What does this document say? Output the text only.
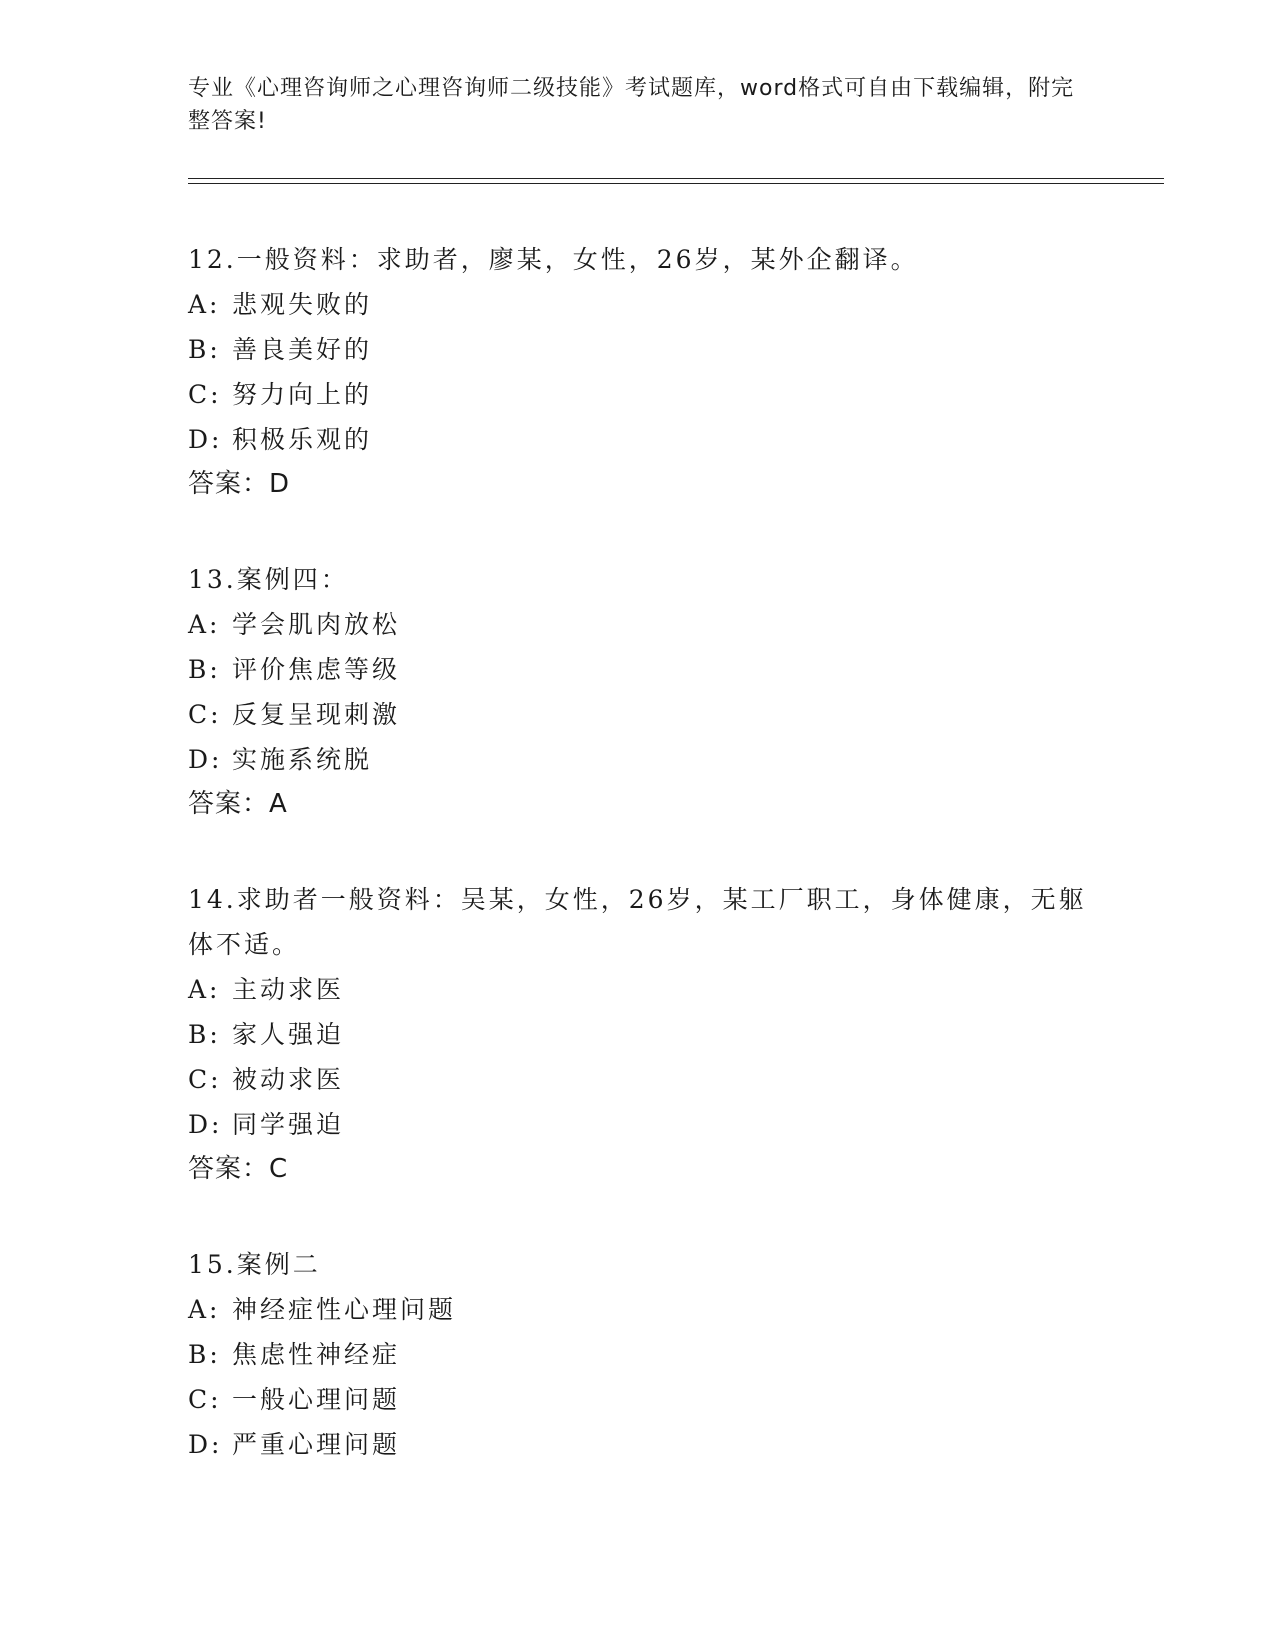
专业《心理咨询师之心理咨询师二级技能》考试题库，word格式可自由下载编辑，附完整答案!
12.一般资料：求助者，廖某，女性，26岁，某外企翻译。
A: 悲观失败的
B: 善良美好的
C: 努力向上的
D: 积极乐观的
答案：D
13.案例四：
A: 学会肌肉放松
B: 评价焦虑等级
C: 反复呈现刺激
D: 实施系统脱
答案：A
14.求助者一般资料：吴某，女性，26岁，某工厂职工，身体健康，无躯体不适。
A: 主动求医
B: 家人强迫
C: 被动求医
D: 同学强迫
答案：C
15.案例二
A: 神经症性心理问题
B: 焦虑性神经症
C: 一般心理问题
D: 严重心理问题
